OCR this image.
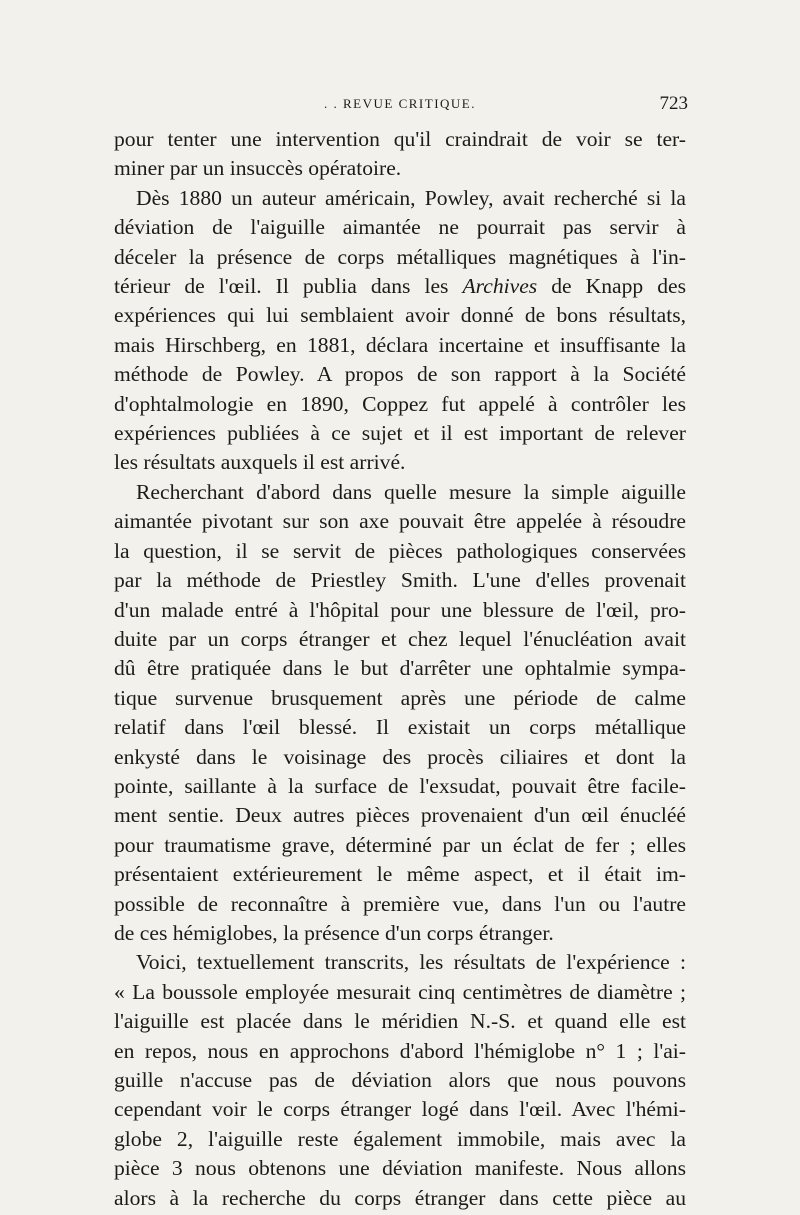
. . REVUE CRITIQUE.	723
pour tenter une intervention qu'il craindrait de voir se ter-
miner par un insuccès opératoire.
Dès 1880 un auteur américain, Powley, avait recherché si la
déviation de l'aiguille aimantée ne pourrait pas servir à
déceler la présence de corps métalliques magnétiques à l'in-
térieur de l'œil. Il publia dans les Archives de Knapp des
expériences qui lui semblaient avoir donné de bons résultats,
mais Hirschberg, en 1881, déclara incertaine et insuffisante la
méthode de Powley. A propos de son rapport à la Société
d'ophtalmologie en 1890, Coppez fut appelé à contrôler les
expériences publiées à ce sujet et il est important de relever
les résultats auxquels il est arrivé.
Recherchant d'abord dans quelle mesure la simple aiguille
aimantée pivotant sur son axe pouvait être appelée à résoudre
la question, il se servit de pièces pathologiques conservées
par la méthode de Priestley Smith. L'une d'elles provenait
d'un malade entré à l'hôpital pour une blessure de l'œil, pro-
duite par un corps étranger et chez lequel l'énucléation avait
dû être pratiquée dans le but d'arrêter une ophtalmie sympa-
tique survenue brusquement après une période de calme
relatif dans l'œil blessé. Il existait un corps métallique
enkysté dans le voisinage des procès ciliaires et dont la
pointe, saillante à la surface de l'exsudat, pouvait être facile-
ment sentie. Deux autres pièces provenaient d'un œil énucléé
pour traumatisme grave, déterminé par un éclat de fer ; elles
présentaient extérieurement le même aspect, et il était im-
possible de reconnaître à première vue, dans l'un ou l'autre
de ces hémiglobes, la présence d'un corps étranger.
Voici, textuellement transcrits, les résultats de l'expérience :
« La boussole employée mesurait cinq centimètres de diamètre ;
l'aiguille est placée dans le méridien N.-S. et quand elle est
en repos, nous en approchons d'abord l'hémiglobe n° 1 ; l'ai-
guille n'accuse pas de déviation alors que nous pouvons
cependant voir le corps étranger logé dans l'œil. Avec l'hémi-
globe 2, l'aiguille reste également immobile, mais avec la
pièce 3 nous obtenons une déviation manifeste. Nous allons
alors à la recherche du corps étranger dans cette pièce au
